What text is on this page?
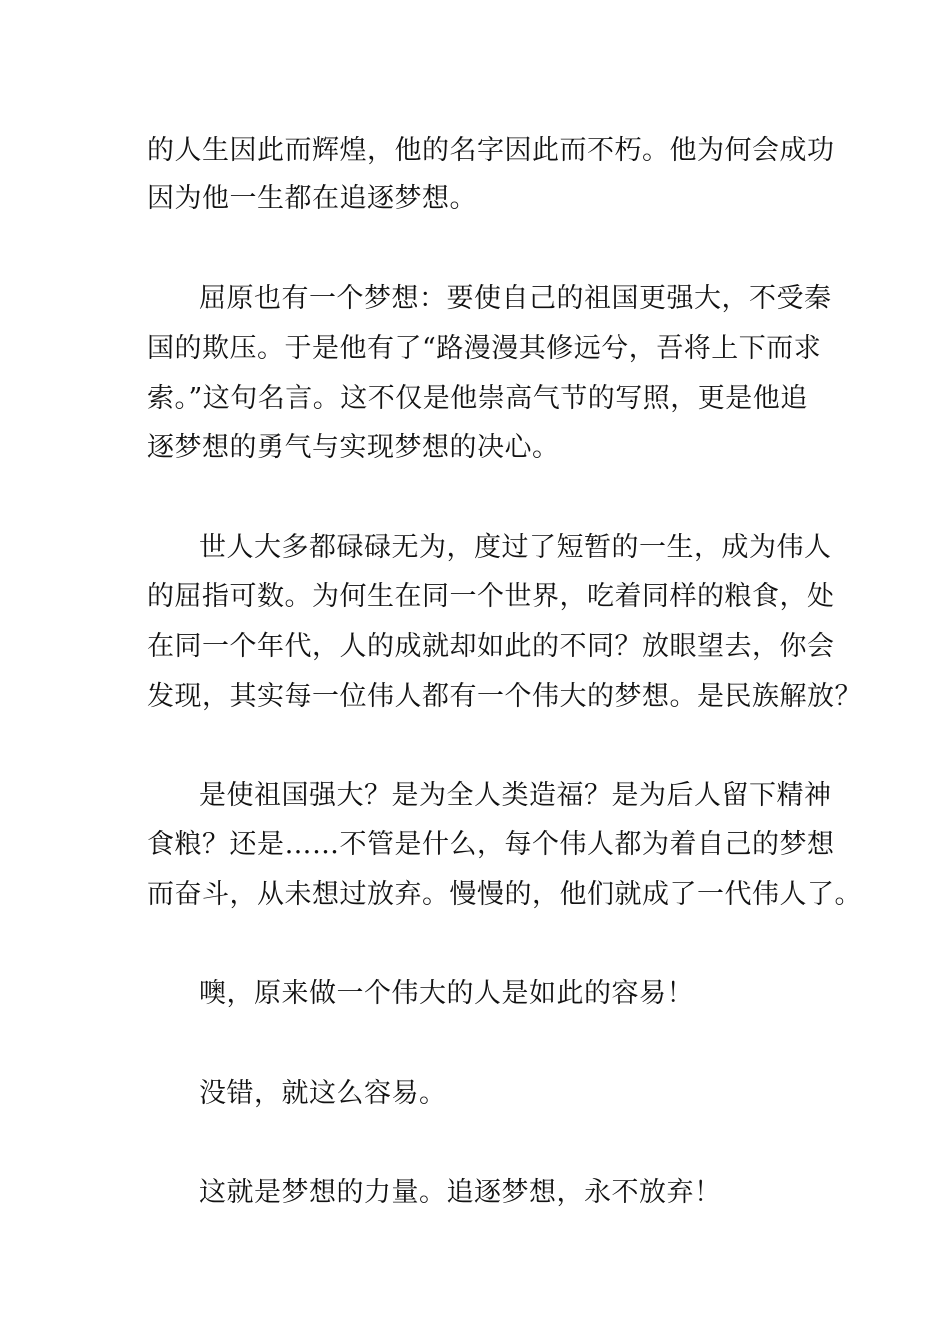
的人生因此而辉煌，他的名字因此而不朽。他为何会成功
因为他一生都在追逐梦想。
屈原也有一个梦想：要使自己的祖国更强大，不受秦
国的欺压。于是他有了“路漫漫其修远兮，吾将上下而求
索。”这句名言。这不仅是他崇高气节的写照，更是他追
逐梦想的勇气与实现梦想的决心。
世人大多都碌碌无为，度过了短暂的一生，成为伟人
的屈指可数。为何生在同一个世界，吃着同样的粮食，处
在同一个年代，人的成就却如此的不同？放眼望去，你会
发现，其实每一位伟人都有一个伟大的梦想。是民族解放？
是使祖国强大？是为全人类造福？是为后人留下精神
食粮？还是……不管是什么，每个伟人都为着自己的梦想
而奋斗，从未想过放弃。慢慢的，他们就成了一代伟人了。
噢，原来做一个伟大的人是如此的容易！
没错，就这么容易。
这就是梦想的力量。追逐梦想，永不放弃！
